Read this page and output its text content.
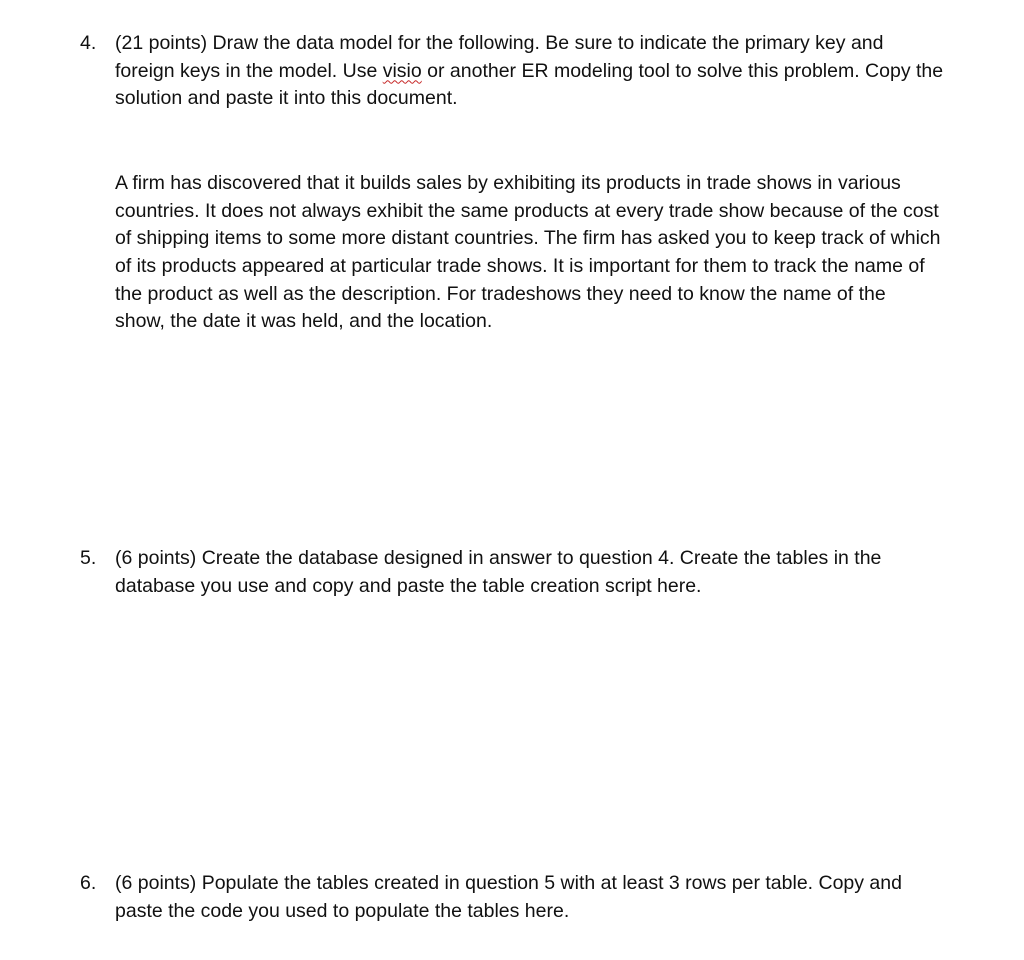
4. (21 points) Draw the data model for the following. Be sure to indicate the primary key and
foreign keys in the model. Use visio or another ER modeling tool to solve this problem. Copy the
solution and paste it into this document.
A firm has discovered that it builds sales by exhibiting its products in trade shows in various
countries. It does not always exhibit the same products at every trade show because of the cost
of shipping items to some more distant countries. The firm has asked you to keep track of which
of its products appeared at particular trade shows. It is important for them to track the name of
the product as well as the description. For tradeshows they need to know the name of the
show, the date it was held, and the location.
5. (6 points) Create the database designed in answer to question 4. Create the tables in the
database you use and copy and paste the table creation script here.
6. (6 points) Populate the tables created in question 5 with at least 3 rows per table. Copy and
paste the code you used to populate the tables here.
